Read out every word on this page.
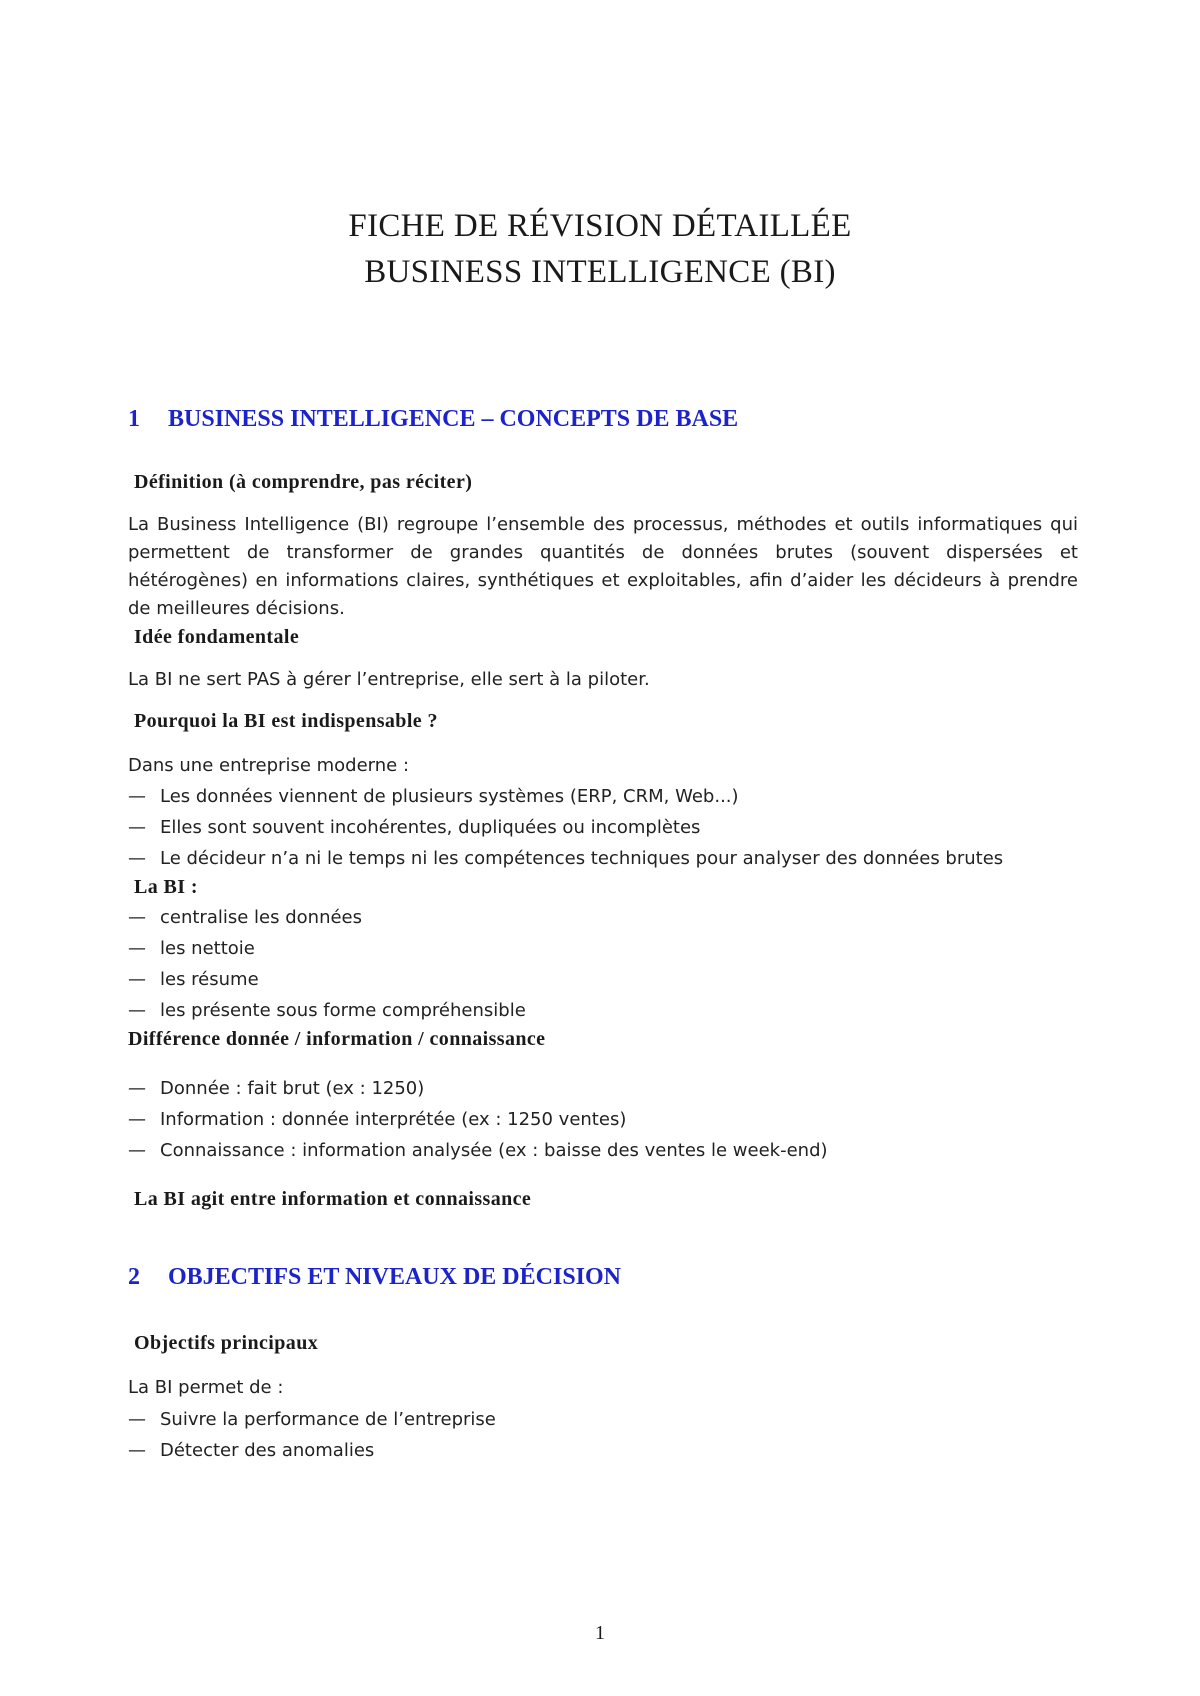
FICHE DE RÉVISION DÉTAILLÉE
BUSINESS INTELLIGENCE (BI)
1 BUSINESS INTELLIGENCE – CONCEPTS DE BASE
Définition (à comprendre, pas réciter)
La Business Intelligence (BI) regroupe l’ensemble des processus, méthodes et outils informatiques qui permettent de transformer de grandes quantités de données brutes (souvent dispersées et hétérogènes) en informations claires, synthétiques et exploitables, afin d’aider les décideurs à prendre de meilleures décisions.
Idée fondamentale
La BI ne sert PAS à gérer l’entreprise, elle sert à la piloter.
Pourquoi la BI est indispensable ?
Dans une entreprise moderne :
— Les données viennent de plusieurs systèmes (ERP, CRM, Web...)
— Elles sont souvent incohérentes, dupliquées ou incomplètes
— Le décideur n’a ni le temps ni les compétences techniques pour analyser des données brutes
La BI :
— centralise les données
— les nettoie
— les résume
— les présente sous forme compréhensible
Différence donnée / information / connaissance
— Donnée : fait brut (ex : 1250)
— Information : donnée interprétée (ex : 1250 ventes)
— Connaissance : information analysée (ex : baisse des ventes le week-end)
La BI agit entre information et connaissance
2 OBJECTIFS ET NIVEAUX DE DÉCISION
Objectifs principaux
La BI permet de :
— Suivre la performance de l’entreprise
— Détecter des anomalies
1
